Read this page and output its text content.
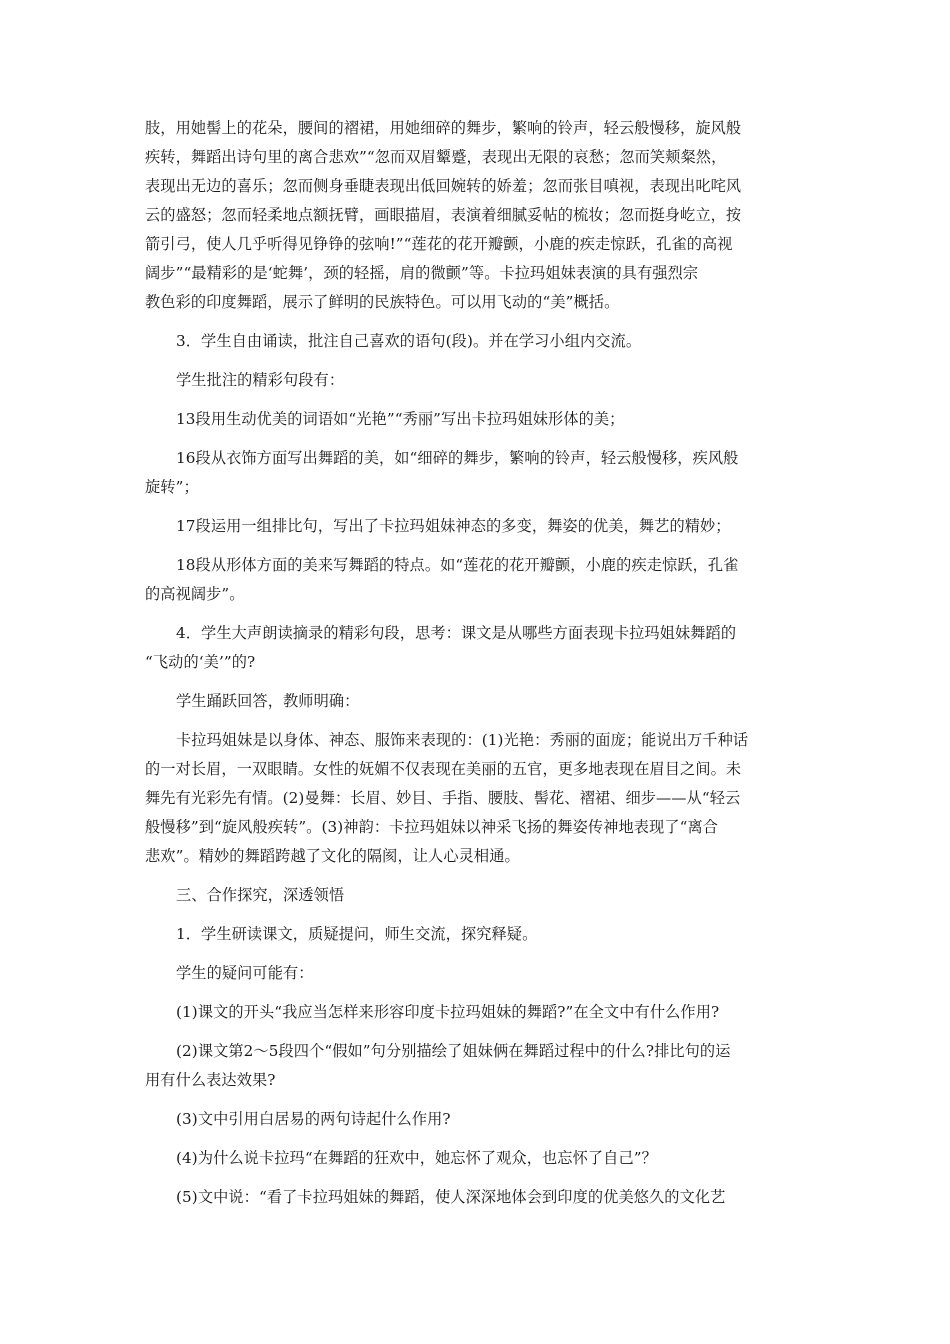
肢，用她髻上的花朵，腰间的褶裙，用她细碎的舞步，繁响的铃声，轻云般慢移，旋风般
疾转，舞蹈出诗句里的离合悲欢”“忽而双眉颦蹙，表现出无限的哀愁；忽而笑颊粲然，
表现出无边的喜乐；忽而侧身垂睫表现出低回婉转的娇羞；忽而张目嗔视，表现出叱咤风
云的盛怒；忽而轻柔地点额抚臂，画眼描眉，表演着细腻妥帖的梳妆；忽而挺身屹立，按
箭引弓，使人几乎听得见铮铮的弦响!”“莲花的花开瓣颤，小鹿的疾走惊跃，孔雀的高视
阔步”“最精彩的是‘蛇舞’，颈的轻摇，肩的微颤”等。卡拉玛姐妹表演的具有强烈宗
教色彩的印度舞蹈，展示了鲜明的民族特色。可以用飞动的“美”概括。

3．学生自由诵读，批注自己喜欢的语句(段)。并在学习小组内交流。

学生批注的精彩句段有：

13段用生动优美的词语如“光艳”“秀丽”写出卡拉玛姐妹形体的美；

16段从衣饰方面写出舞蹈的美，如“细碎的舞步，繁响的铃声，轻云般慢移，疾风般
旋转”；

17段运用一组排比句，写出了卡拉玛姐妹神态的多变，舞姿的优美，舞艺的精妙；

18段从形体方面的美来写舞蹈的特点。如“莲花的花开瓣颤，小鹿的疾走惊跃，孔雀
的高视阔步”。

4．学生大声朗读摘录的精彩句段，思考：课文是从哪些方面表现卡拉玛姐妹舞蹈的
“飞动的‘美’”的?

学生踊跃回答，教师明确：

卡拉玛姐妹是以身体、神态、服饰来表现的：(1)光艳：秀丽的面庞；能说出万千种话
的一对长眉，一双眼睛。女性的妩媚不仅表现在美丽的五官，更多地表现在眉目之间。未
舞先有光彩先有情。(2)曼舞：长眉、妙目、手指、腰肢、髻花、褶裙、细步——从“轻云
般慢移”到“旋风般疾转”。(3)神韵：卡拉玛姐妹以神采飞扬的舞姿传神地表现了“离合
悲欢”。精妙的舞蹈跨越了文化的隔阂，让人心灵相通。

三、合作探究，深透领悟

1．学生研读课文，质疑提问，师生交流，探究释疑。

学生的疑问可能有：

(1)课文的开头“我应当怎样来形容印度卡拉玛姐妹的舞蹈?”在全文中有什么作用?

(2)课文第2～5段四个“假如”句分别描绘了姐妹俩在舞蹈过程中的什么?排比句的运
用有什么表达效果?

(3)文中引用白居易的两句诗起什么作用?

(4)为什么说卡拉玛“在舞蹈的狂欢中，她忘怀了观众，也忘怀了自己”？

(5)文中说：“看了卡拉玛姐妹的舞蹈，使人深深地体会到印度的优美悠久的文化艺
